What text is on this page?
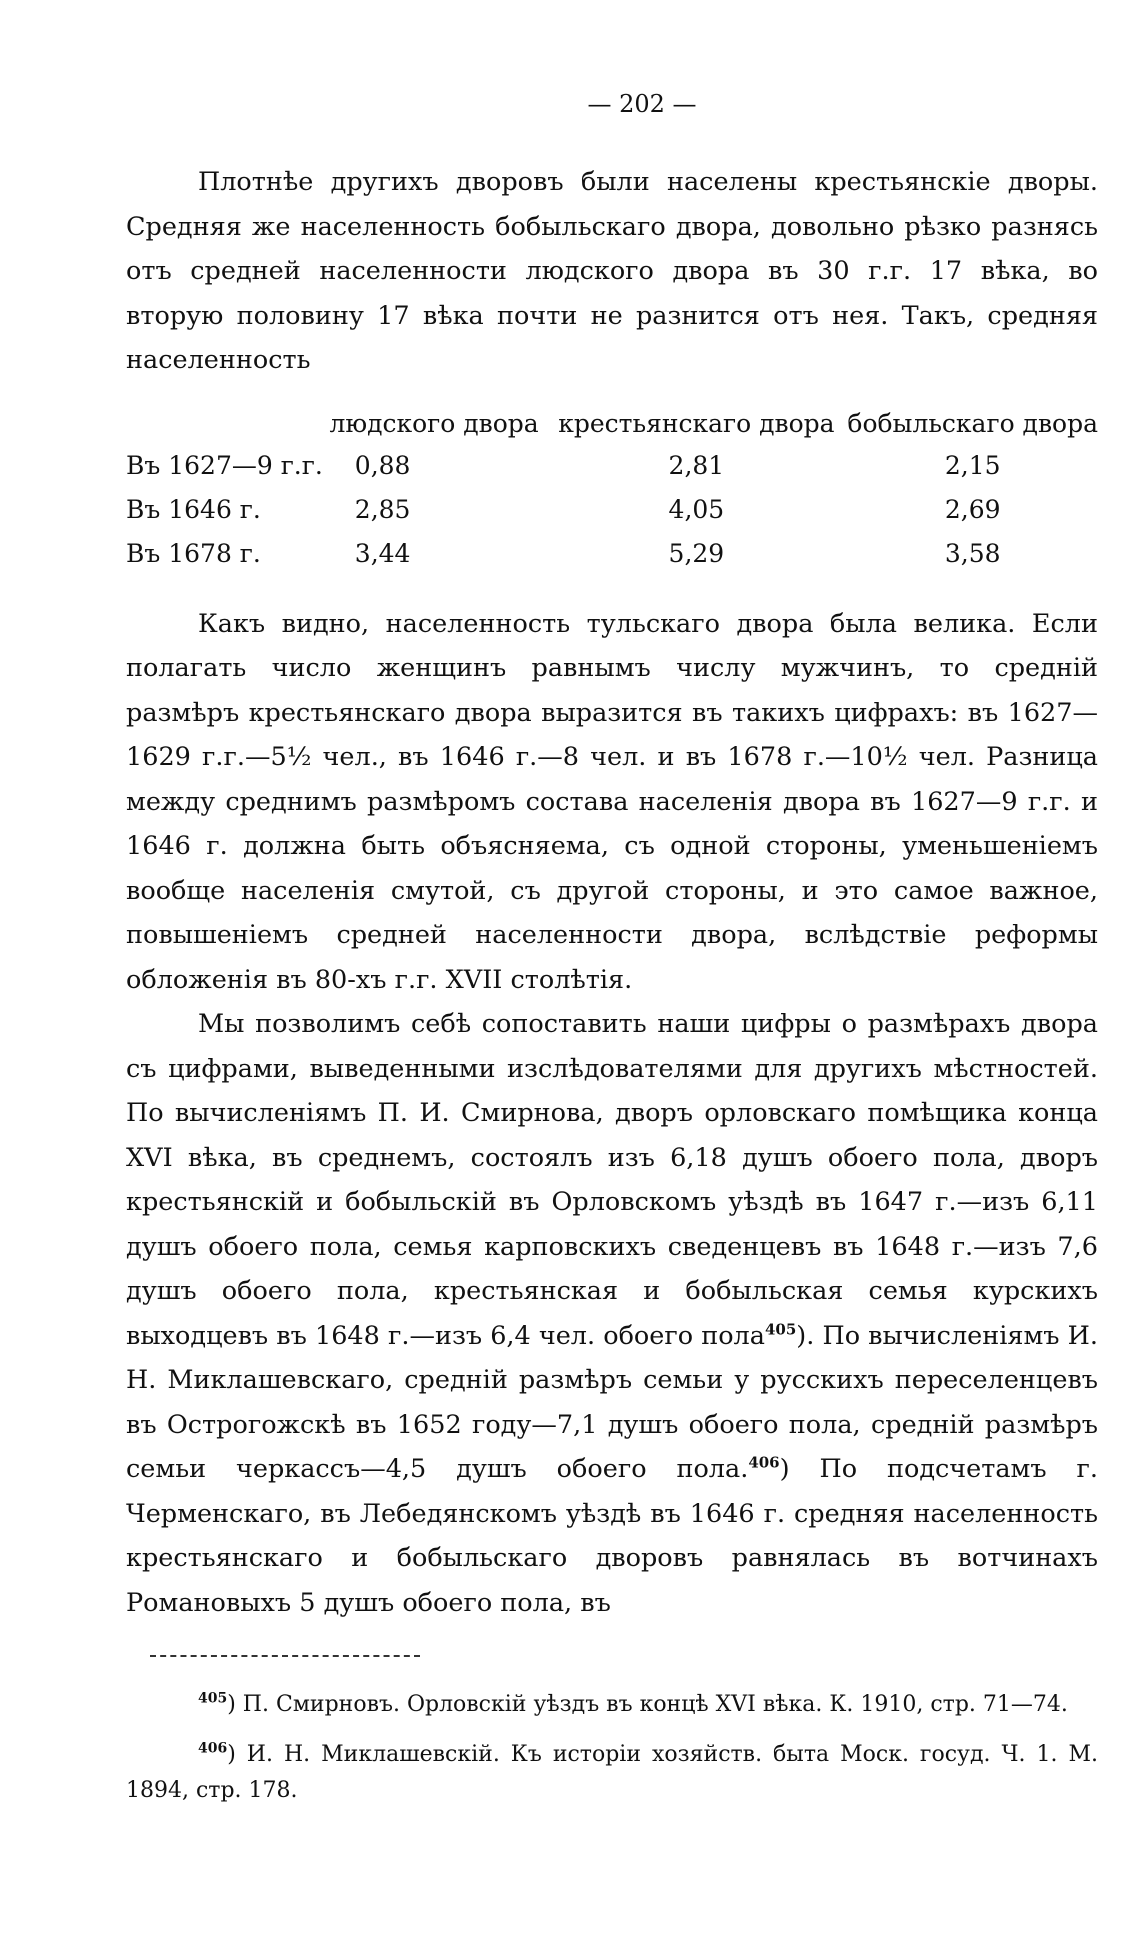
— 202 —

Плотнѣе другихъ дворовъ были населены крестьянскіе дворы. Средняя же населенность бобыльскаго двора, довольно рѣзко разнясь отъ средней населенности людского двора въ 30 г.г. 17 вѣка, во вторую половину 17 вѣка почти не разнится отъ нея. Такъ, средняя населенность

	людского двора	крестьянскаго двора	бобыльскаго двора
Въ 1627—9 г.г.	0,88	2,81	2,15
Въ 1646 г.	2,85	4,05	2,69
Въ 1678 г.	3,44	5,29	3,58

Какъ видно, населенность тульскаго двора была велика. Если полагать число женщинъ равнымъ числу мужчинъ, то средній размѣръ крестьянскаго двора выразится въ такихъ цифрахъ: въ 1627—1629 г.г.—5½ чел., въ 1646 г.—8 чел. и въ 1678 г.—10½ чел. Разница между среднимъ размѣромъ состава населенія двора въ 1627—9 г.г. и 1646 г. должна быть объясняема, съ одной стороны, уменьшеніемъ вообще населенія смутой, съ другой стороны, и это самое важное, повышеніемъ средней населенности двора, вслѣдствіе реформы обложенія въ 80-хъ г.г. XVII столѣтія.

Мы позволимъ себѣ сопоставить наши цифры о размѣрахъ двора съ цифрами, выведенными изслѣдователями для другихъ мѣстностей. По вычисленіямъ П. И. Смирнова, дворъ орловскаго помѣщика конца XVI вѣка, въ среднемъ, состоялъ изъ 6,18 душъ обоего пола, дворъ крестьянскій и бобыльскій въ Орловскомъ уѣздѣ въ 1647 г.—изъ 6,11 душъ обоего пола, семья карповскихъ сведенцевъ въ 1648 г.—изъ 7,6 душъ обоего пола, крестьянская и бобыльская семья курскихъ выходцевъ въ 1648 г.—изъ 6,4 чел. обоего пола$^{405}$). По вычисленіямъ И. Н. Миклашевскаго, средній размѣръ семьи у русскихъ переселенцевъ въ Острогожскѣ въ 1652 году—7,1 душъ обоего пола, средній размѣръ семьи черкассъ—4,5 душъ обоего пола.$^{406}$) По подсчетамъ г. Черменскаго, въ Лебедянскомъ уѣздѣ въ 1646 г. средняя населенность крестьянскаго и бобыльскаго дворовъ равнялась въ вотчинахъ Романовыхъ 5 душъ обоего пола, въ

$^{405}$) П. Смирновъ. Орловскій уѣздъ въ концѣ XVI вѣка. К. 1910, стр. 71—74.

$^{406}$) И. Н. Миклашевскій. Къ исторіи хозяйств. быта Моск. госуд. Ч. 1. М. 1894, стр. 178.
